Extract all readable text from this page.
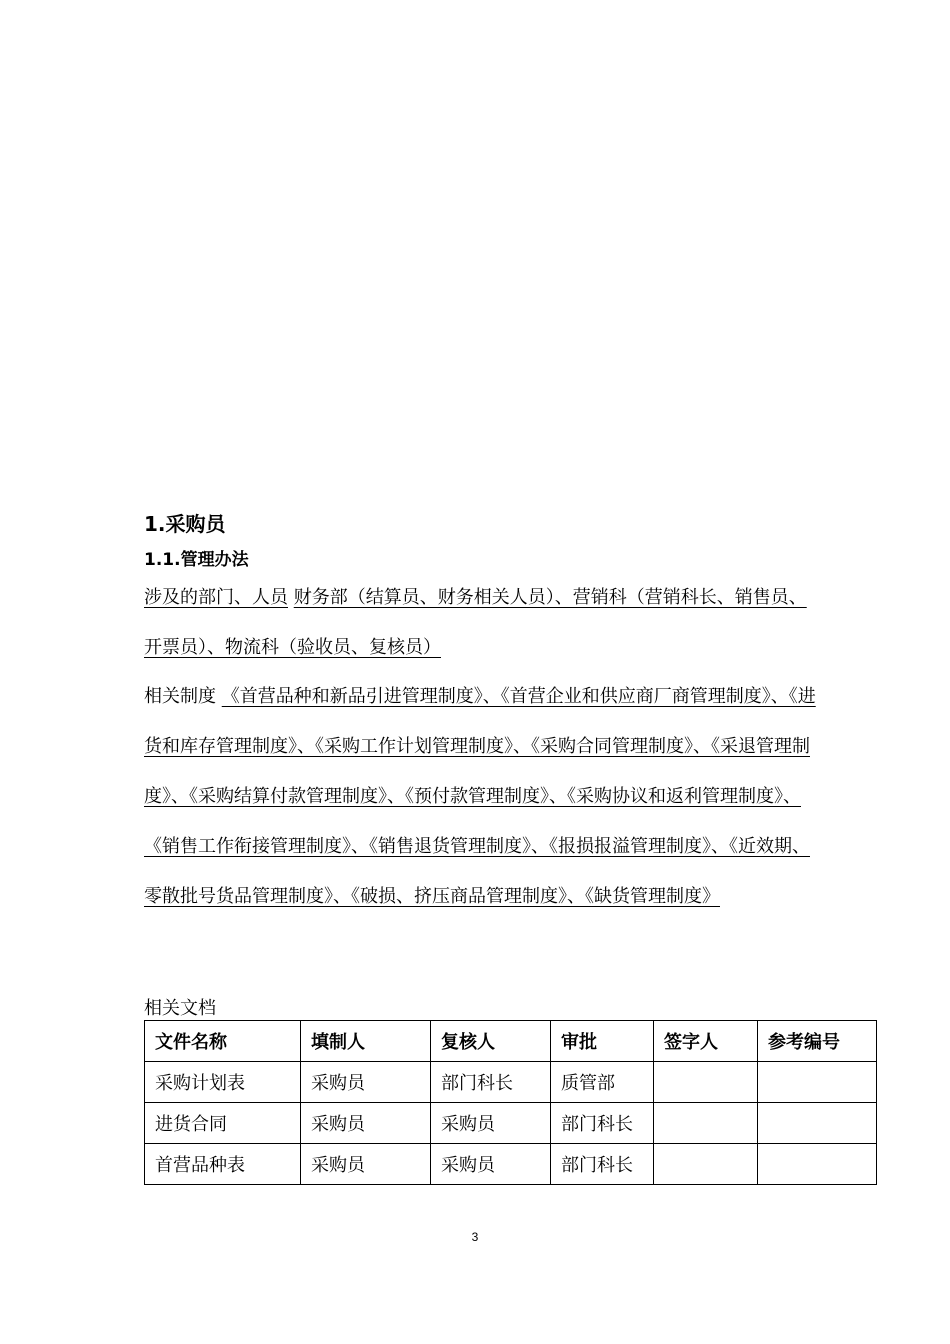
1.采购员
1.1.管理办法
涉及的部门、人员 财务部（结算员、财务相关人员）、营销科（营销科长、销售员、开票员）、物流科（验收员、复核员）
相关制度 《首营品种和新品引进管理制度》、《首营企业和供应商厂商管理制度》、《进货和库存管理制度》、《采购工作计划管理制度》、《采购合同管理制度》、《采退管理制度》、《采购结算付款管理制度》、《预付款管理制度》、《采购协议和返利管理制度》、《销售工作衔接管理制度》、《销售退货管理制度》、《报损报溢管理制度》、《近效期、零散批号货品管理制度》、《破损、挤压商品管理制度》、《缺货管理制度》
相关文档
文件名称	填制人	复核人	审批	签字人	参考编号
采购计划表	采购员	部门科长	质管部		
进货合同	采购员	采购员	部门科长		
首营品种表	采购员	采购员	部门科长		
3
